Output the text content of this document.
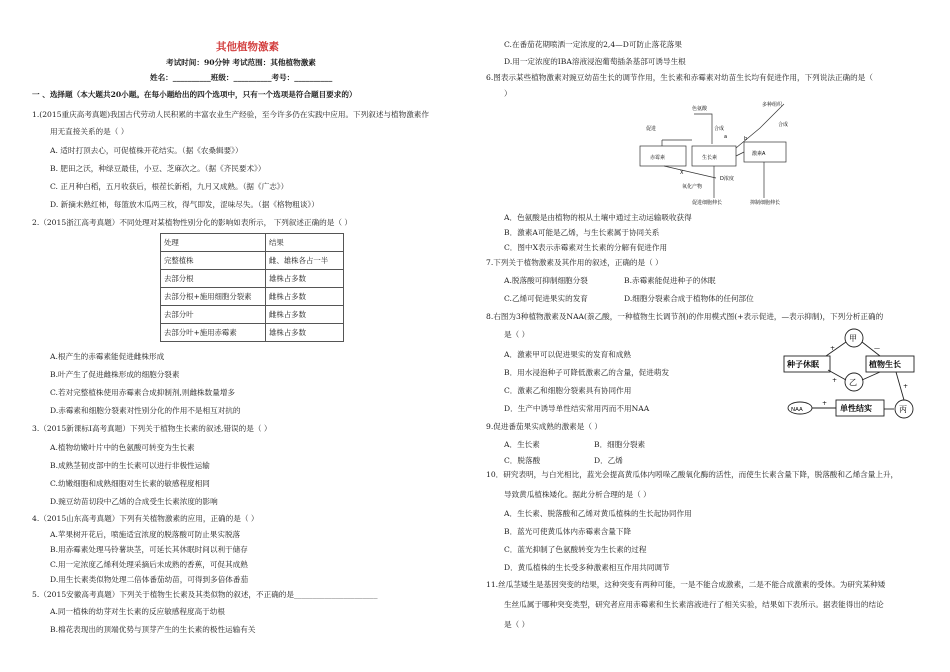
其他植物激素
考试时间：90分钟 考试范围：其他植物激素
姓名：__________班级：__________考号：__________
一 、选择题（本大题共20小题。在每小题给出的四个选项中，只有一个选项是符合题目要求的）
1.(2015重庆高考真题)我国古代劳动人民积累的丰富农业生产经验，至今许多仍在实践中应用。下列叙述与植物激素作
用无直接关系的是（ ）
A. 适时打顶去心，可促植株开花结实。（据《农桑辑要》）
B. 肥田之沃，种绿豆最佳，小豆、芝麻次之。（据《齐民要术》）
C. 正月种白稻，五月收获后，根茬长新稻，九月又成熟。（据《广志》）
D. 新摘未熟红柿，每篮放木瓜两三枚，得气即发，涩味尽失。（据《格物粗谈》）
2.（2015浙江高考真题）不同处理对某植物性别分化的影响如表所示， 下列叙述正确的是（ ）
处理	结果
完整植株	雌、雄株各占一半
去部分根	雄株占多数
去部分根+施用细胞分裂素	雌株占多数
去部分叶	雌株占多数
去部分叶+施用赤霉素	雄株占多数
A.根产生的赤霉素能促进雌株形成
B.叶产生了促进雌株形成的细胞分裂素
C.若对完整植株使用赤霉素合成抑制剂,则雌株数量增多
D.赤霉素和细胞分裂素对性别分化的作用不是相互对抗的
3.（2015新课标Ⅰ高考真题）下列关于植物生长素的叙述,错误的是（ ）
A.植物幼嫩叶片中的色氨酸可转变为生长素
B.成熟茎韧皮部中的生长素可以进行非极性运输
C.幼嫩细胞和成熟细胞对生长素的敏感程度相同
D.豌豆幼苗切段中乙烯的合成受生长素浓度的影响
4.（2015山东高考真题）下列有关植物激素的应用，正确的是（ ）
A.苹果树开花后，喷施适宜浓度的脱落酸可防止果实脱落
B.用赤霉素处理马铃薯块茎，可延长其休眠时间以利于储存
C.用一定浓度乙烯利处理采摘后未成熟的香蕉，可促其成熟
D.用生长素类似物处理二倍体番茄幼苗，可得到多倍体番茄
5.（2015安徽高考真题）下列关于植物生长素及其类似物的叙述，不正确的是______________________
A.同一植株的幼芽对生长素的反应敏感程度高于幼根
B.棉花表现出的顶端优势与顶芽产生的生长素的极性运输有关
C.在番茄花期喷洒一定浓度的2,4—D可防止落花落果
D.用一定浓度的IBA溶液浸泡葡萄插条基部可诱导生根
6.图表示某些植物激素对豌豆幼苗生长的调节作用，生长素和赤霉素对幼苗生长均有促进作用，下列说法正确的是（
）
色氨酸
促进	合成
多种组织
合成
赤霉素	生长素
激素A
X
氧化产物
b
a
D浓度
促进细胞伸长	抑制细胞伸长
A．色氨酸是由植物的根从土壤中通过主动运输吸收获得
B．激素A可能是乙烯，与生长素属于协同关系
C．图中X表示赤霉素对生长素的分解有促进作用
7.下列关于植物激素及其作用的叙述，正确的是（ ）
A.脱落酸可抑制细胞分裂	B.赤霉素能促进种子的休眠
C.乙烯可促进果实的发育	D.细胞分裂素合成于植物体的任何部位
8.右图为3种植物激素及NAA(萘乙酸，一种植物生长调节剂)的作用模式图(+表示促进，—表示抑制)，下列分析正确的
是（ ）
A．激素甲可以促进果实的发育和成熟
B．用水浸泡种子可降低激素乙的含量，促进萌发
C．激素乙和细胞分裂素具有协同作用
D．生产中诱导单性结实常用丙而不用NAA
甲
乙
丙
种子休眠	植物生长
单性结实
NAA
+	—
+
+
+
9.促进番茄果实成熟的激素是（ ）
A．生长素	B．细胞分裂素
C．脱落酸	D．乙烯
10．研究表明，与白光相比，蓝光会提高黄瓜体内吲哚乙酸氧化酶的活性，而使生长素含量下降，脱落酸和乙烯含量上升，
导致黄瓜植株矮化。据此分析合理的是（ ）
A．生长素、脱落酸和乙烯对黄瓜植株的生长起协同作用
B．蓝光可使黄瓜体内赤霉素含量下降
C．蓝光抑制了色氨酸转变为生长素的过程
D．黄瓜植株的生长受多种激素相互作用共同调节
11.丝瓜茎矮生是基因突变的结果，这种突变有两种可能，一是不能合成激素，二是不能合成激素的受体。为研究某种矮
生丝瓜属于哪种突变类型，研究者应用赤霉素和生长素溶液进行了相关实验，结果如下表所示。据表能得出的结论
是（ ）
